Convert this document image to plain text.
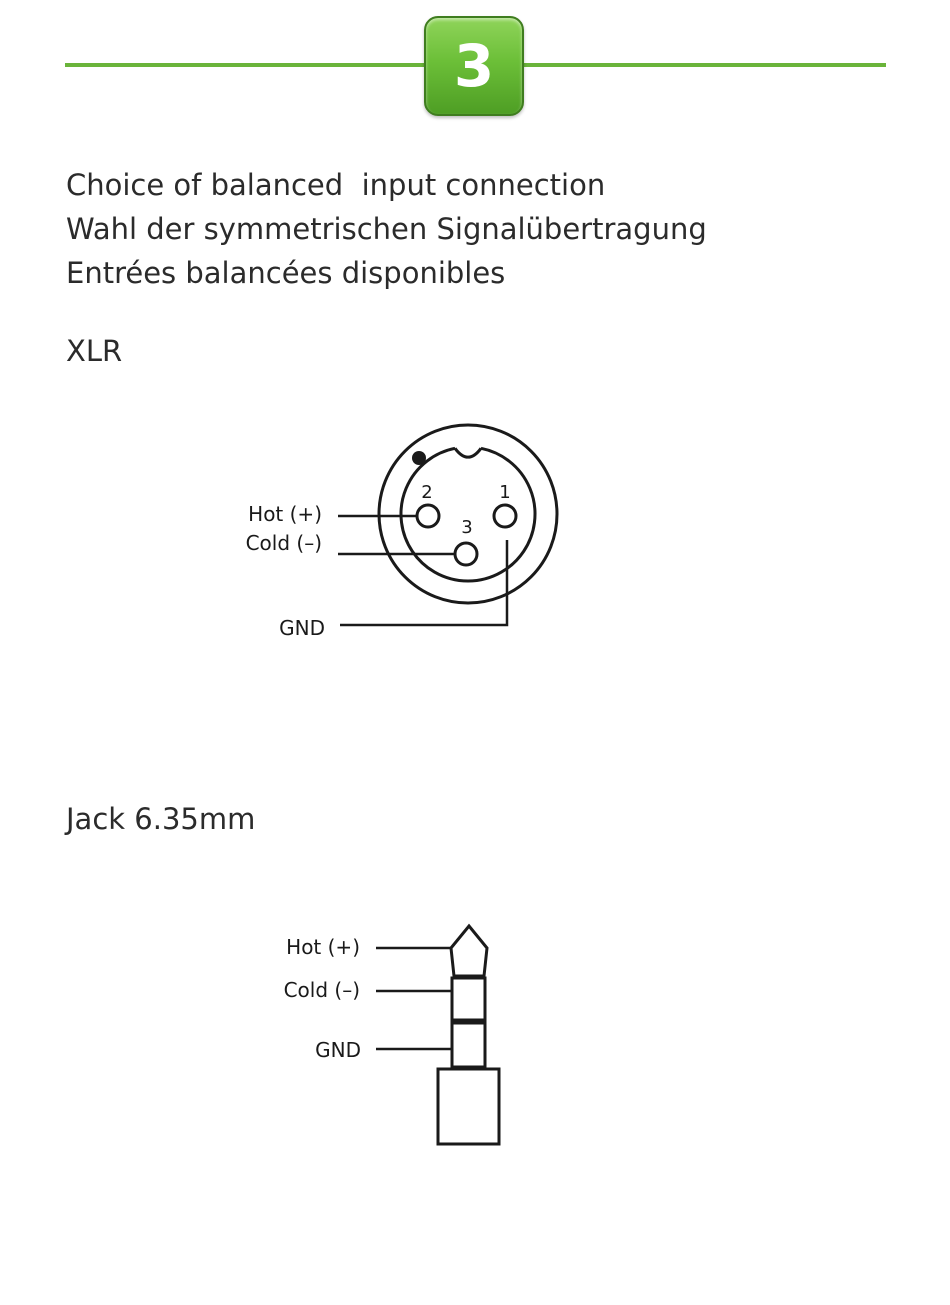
3
Choice of balanced  input connection
Wahl der symmetrischen Signalübertragung
Entrées balancées disponibles
XLR
2	1
3
Hot (+)
Cold (–)
GND
Jack 6.35mm
Hot (+)
Cold (–)
GND
